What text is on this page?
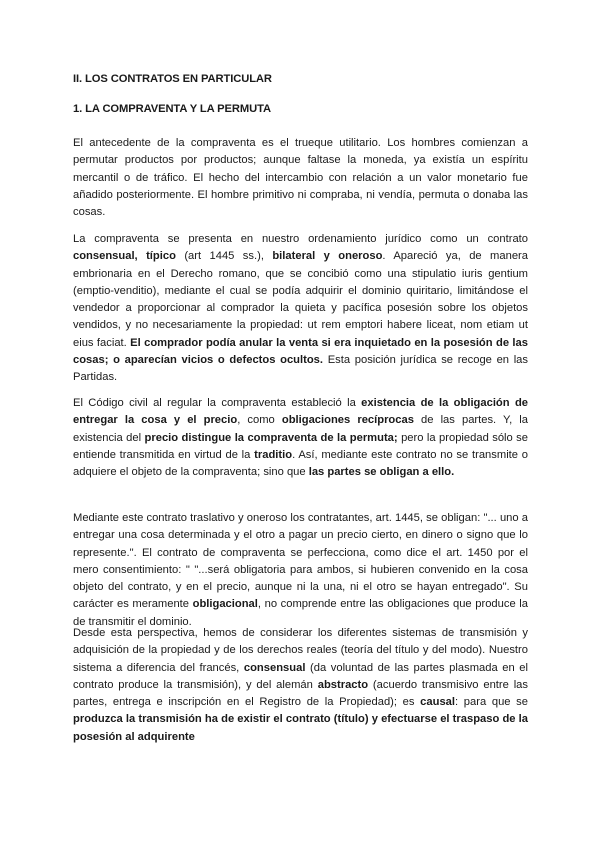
II. LOS CONTRATOS EN PARTICULAR
1. LA COMPRAVENTA Y LA PERMUTA

El antecedente de la compraventa es el trueque utilitario. Los hombres comienzan a permutar productos por productos; aunque faltase la moneda, ya existía un espíritu mercantil o de tráfico. El hecho del intercambio con relación a un valor monetario fue añadido posteriormente. El hombre primitivo ni compraba, ni vendía, permuta o donaba las cosas.

La compraventa se presenta en nuestro ordenamiento jurídico como un contrato consensual, típico (art 1445 ss.), bilateral y oneroso. Apareció ya, de manera embrionaria en el Derecho romano, que se concibió como una stipulatio iuris gentium (emptio-venditio), mediante el cual se podía adquirir el dominio quiritario, limitándose el vendedor a proporcionar al comprador la quieta y pacífica posesión sobre los objetos vendidos, y no necesariamente la propiedad: ut rem emptori habere liceat, nom etiam ut eius faciat. El comprador podía anular la venta si era inquietado en la posesión de las cosas; o aparecían vicios o defectos ocultos. Esta posición jurídica se recoge en las Partidas.

El Código civil al regular la compraventa estableció la existencia de la obligación de entregar la cosa y el precio, como obligaciones recíprocas de las partes. Y, la existencia del precio distingue la compraventa de la permuta; pero la propiedad sólo se entiende transmitida en virtud de la traditio. Así, mediante este contrato no se transmite o adquiere el objeto de la compraventa; sino que las partes se obligan a ello.

Mediante este contrato traslativo y oneroso los contratantes, art. 1445, se obligan: "... uno a entregar una cosa determinada y el otro a pagar un precio cierto, en dinero o signo que lo represente.". El contrato de compraventa se perfecciona, como dice el art. 1450 por el mero consentimiento: " "...será obligatoria para ambos, si hubieren convenido en la cosa objeto del contrato, y en el precio, aunque ni la una, ni el otro se hayan entregado". Su carácter es meramente obligacional, no comprende entre las obligaciones que produce la de transmitir el dominio.

Desde esta perspectiva, hemos de considerar los diferentes sistemas de transmisión y adquisición de la propiedad y de los derechos reales (teoría del título y del modo). Nuestro sistema a diferencia del francés, consensual (da voluntad de las partes plasmada en el contrato produce la transmisión), y del alemán abstracto (acuerdo transmisivo entre las partes, entrega e inscripción en el Registro de la Propiedad); es causal: para que se produzca la transmisión ha de existir el contrato (título) y efectuarse el traspaso de la posesión al adquirente
